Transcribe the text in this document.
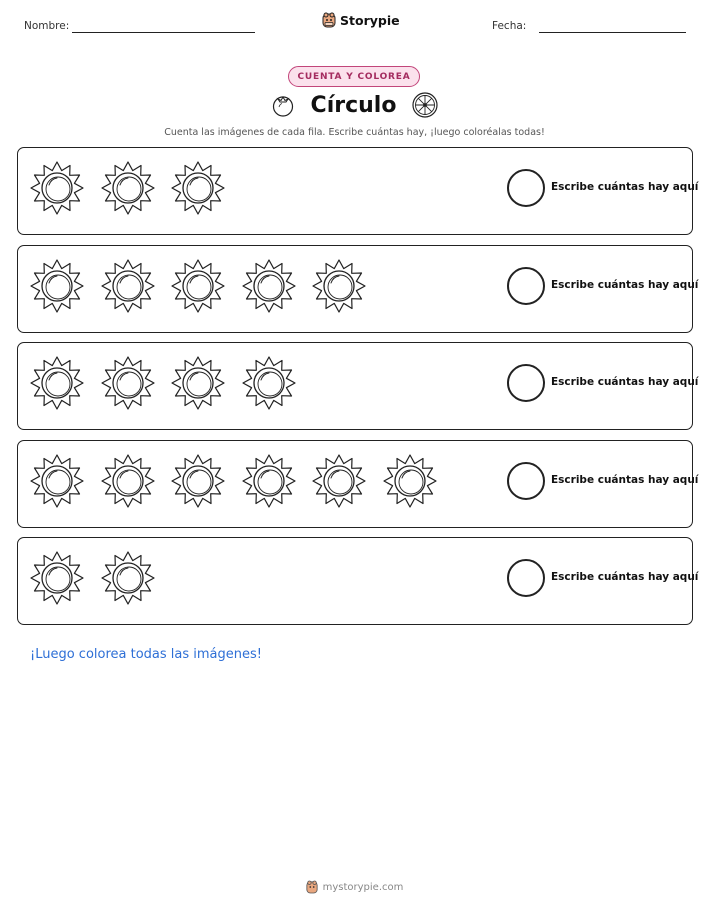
Nombre:	Storypie	Fecha:
CUENTA Y COLOREA
Círculo
Cuenta las imágenes de cada fila. Escribe cuántas hay, ¡luego coloréalas todas!
Escribe cuántas hay aquí
Escribe cuántas hay aquí
Escribe cuántas hay aquí
Escribe cuántas hay aquí
Escribe cuántas hay aquí
¡Luego colorea todas las imágenes!
mystorypie.com
